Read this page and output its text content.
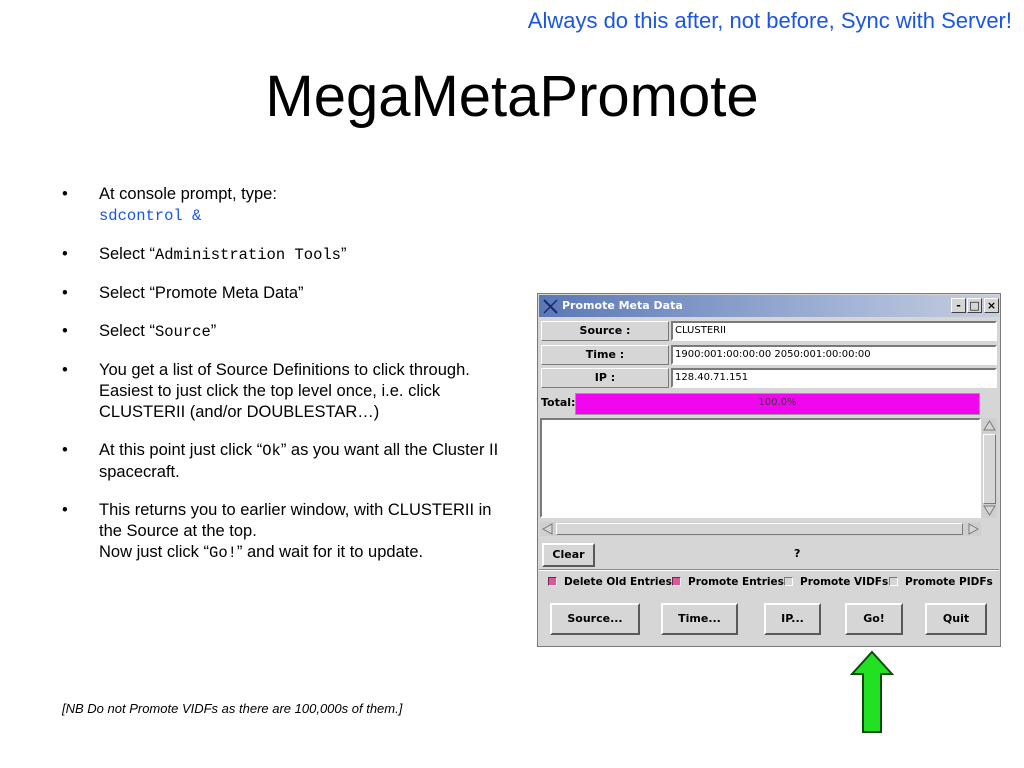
Always do this after, not before, Sync with Server!
MegaMetaPromote
• At console prompt, type:
sdcontrol &
• Select “Administration Tools”
• Select “Promote Meta Data”
• Select “Source”
• You get a list of Source Definitions to click through. Easiest to just click the top level once, i.e. click CLUSTERII (and/or DOUBLESTAR…)
• At this point just click “Ok” as you want all the Cluster II spacecraft.
• This returns you to earlier window, with CLUSTERII in the Source at the top.
Now just click “Go!” and wait for it to update.
[NB Do not Promote VIDFs as there are 100,000s of them.]
Promote Meta Data	- □ ×
Source :	CLUSTERII
Time :	1900:001:00:00:00 2050:001:00:00:00
IP :	128.40.71.151
Total:	100.0%
Clear	?
Delete Old Entries	Promote Entries	Promote VIDFs	Promote PIDFs
Source...	Time...	IP...	Go!	Quit
